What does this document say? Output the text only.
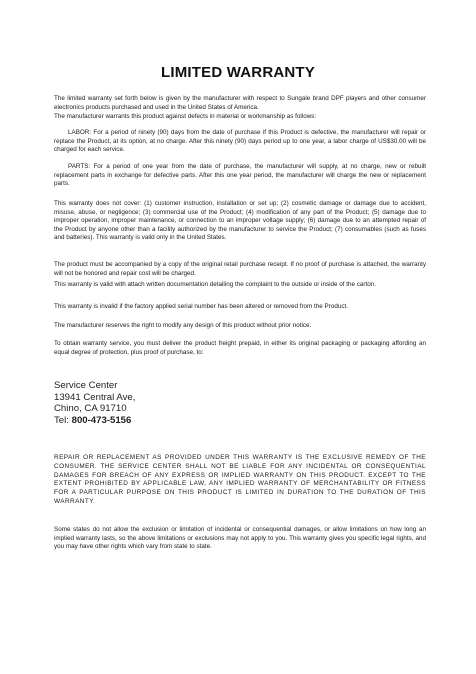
LIMITED WARRANTY

The limited warranty set forth below is given by the manufacturer with respect to Sungale brand DPF players and other consumer electronics products purchased and used in the United States of America.

The manufacturer warrants this product against defects in material or workmanship as follows:

LABOR: For a period of ninety (90) days from the date of purchase if this Product is defective, the manufacturer will repair or replace the Product, at its option, at no charge. After this ninety (90) days period up to one year, a labor charge of US$30.00 will be charged for each service.

PARTS: For a period of one year from the date of purchase, the manufacturer will supply, at no charge, new or rebuilt replacement parts in exchange for defective parts. After this one year period, the manufacturer will charge the new or replacement parts.

This warranty does not cover: (1) customer instruction, installation or set up; (2) cosmetic damage or damage due to accident, misuse, abuse, or negligence; (3) commercial use of the Product; (4) modification of any part of the Product; (5) damage due to improper operation, improper maintenance, or connection to an improper voltage supply; (6) damage due to an attempted repair of the Product by anyone other than a facility authorized by the manufacturer to service the Product; (7) consumables (such as fuses and batteries). This warranty is valid only in the United States.

The product must be accompanied by a copy of the original retail purchase receipt. If no proof of purchase is attached, the warranty will not be honored and repair cost will be charged.

This warranty is valid with attach written documentation detailing the complaint to the outside or inside of the carton.

This warranty is invalid if the factory applied serial number has been altered or removed from the Product.

The manufacturer reserves the right to modify any design of this product without prior notice.

To obtain warranty service, you must deliver the product freight prepaid, in either its original packaging or packaging affording an equal degree of protection, plus proof of purchase, to:

Service Center
13941 Central Ave,
Chino, CA 91710
Tel: 800-473-5156

REPAIR OR REPLACEMENT AS PROVIDED UNDER THIS WARRANTY IS THE EXCLUSIVE REMEDY OF THE CONSUMER. THE SERVICE CENTER SHALL NOT BE LIABLE FOR ANY INCIDENTAL OR CONSEQUENTIAL DAMAGES FOR BREACH OF ANY EXPRESS OR IMPLIED WARRANTY ON THIS PRODUCT. EXCEPT TO THE EXTENT PROHIBITED BY APPLICABLE LAW, ANY IMPLIED WARRANTY OF MERCHANTABILITY OR FITNESS FOR A PARTICULAR PURPOSE ON THIS PRODUCT IS LIMITED IN DURATION TO THE DURATION OF THIS WARRANTY.

Some states do not allow the exclusion or limitation of incidental or consequential damages, or allow limitations on how long an implied warranty lasts, so the above limitations or exclusions may not apply to you. This warranty gives you specific legal rights, and you may have other rights which vary from state to state.
